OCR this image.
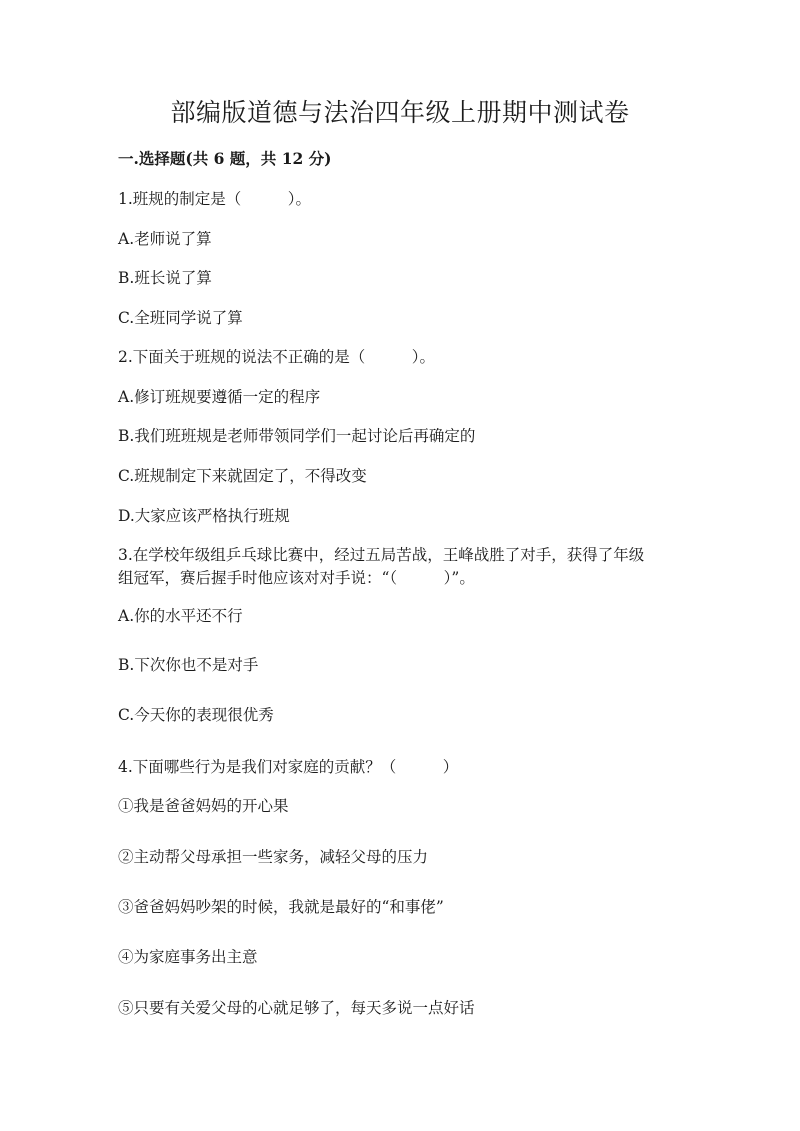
部编版道德与法治四年级上册期中测试卷
一.选择题(共 6 题，共 12 分)
1.班规的制定是（　　　）。
A.老师说了算
B.班长说了算
C.全班同学说了算
2.下面关于班规的说法不正确的是（　　　）。
A.修订班规要遵循一定的程序
B.我们班班规是老师带领同学们一起讨论后再确定的
C.班规制定下来就固定了，不得改变
D.大家应该严格执行班规
3.在学校年级组乒乓球比赛中，经过五局苦战，王峰战胜了对手，获得了年级
组冠军，赛后握手时他应该对对手说：“（　　　）”。
A.你的水平还不行
B.下次你也不是对手
C.今天你的表现很优秀
4.下面哪些行为是我们对家庭的贡献？（　　　）
①我是爸爸妈妈的开心果
②主动帮父母承担一些家务，减轻父母的压力
③爸爸妈妈吵架的时候，我就是最好的“和事佬”
④为家庭事务出主意
⑤只要有关爱父母的心就足够了，每天多说一点好话
